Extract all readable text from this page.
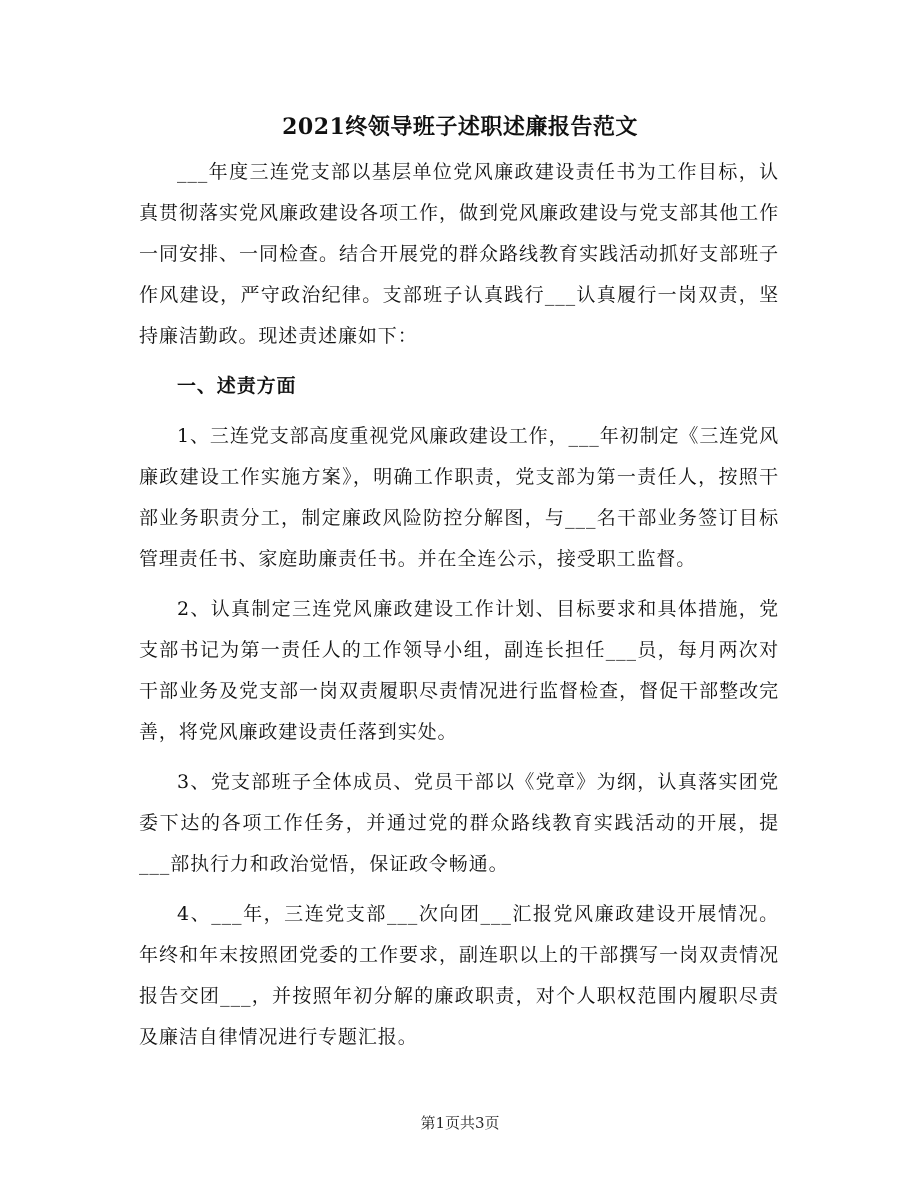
2021终领导班子述职述廉报告范文

___年度三连党支部以基层单位党风廉政建设责任书为工作目标，认真贯彻落实党风廉政建设各项工作，做到党风廉政建设与党支部其他工作一同安排、一同检查。结合开展党的群众路线教育实践活动抓好支部班子作风建设，严守政治纪律。支部班子认真践行___认真履行一岗双责，坚持廉洁勤政。现述责述廉如下：

一、述责方面

1、三连党支部高度重视党风廉政建设工作，___年初制定《三连党风廉政建设工作实施方案》，明确工作职责，党支部为第一责任人，按照干部业务职责分工，制定廉政风险防控分解图，与___名干部业务签订目标管理责任书、家庭助廉责任书。并在全连公示，接受职工监督。

2、认真制定三连党风廉政建设工作计划、目标要求和具体措施，党支部书记为第一责任人的工作领导小组，副连长担任___员，每月两次对干部业务及党支部一岗双责履职尽责情况进行监督检查，督促干部整改完善，将党风廉政建设责任落到实处。

3、党支部班子全体成员、党员干部以《党章》为纲，认真落实团党委下达的各项工作任务，并通过党的群众路线教育实践活动的开展，提___部执行力和政治觉悟，保证政令畅通。

4、___年，三连党支部___次向团___汇报党风廉政建设开展情况。年终和年末按照团党委的工作要求，副连职以上的干部撰写一岗双责情况报告交团___，并按照年初分解的廉政职责，对个人职权范围内履职尽责及廉洁自律情况进行专题汇报。

第1页共3页
